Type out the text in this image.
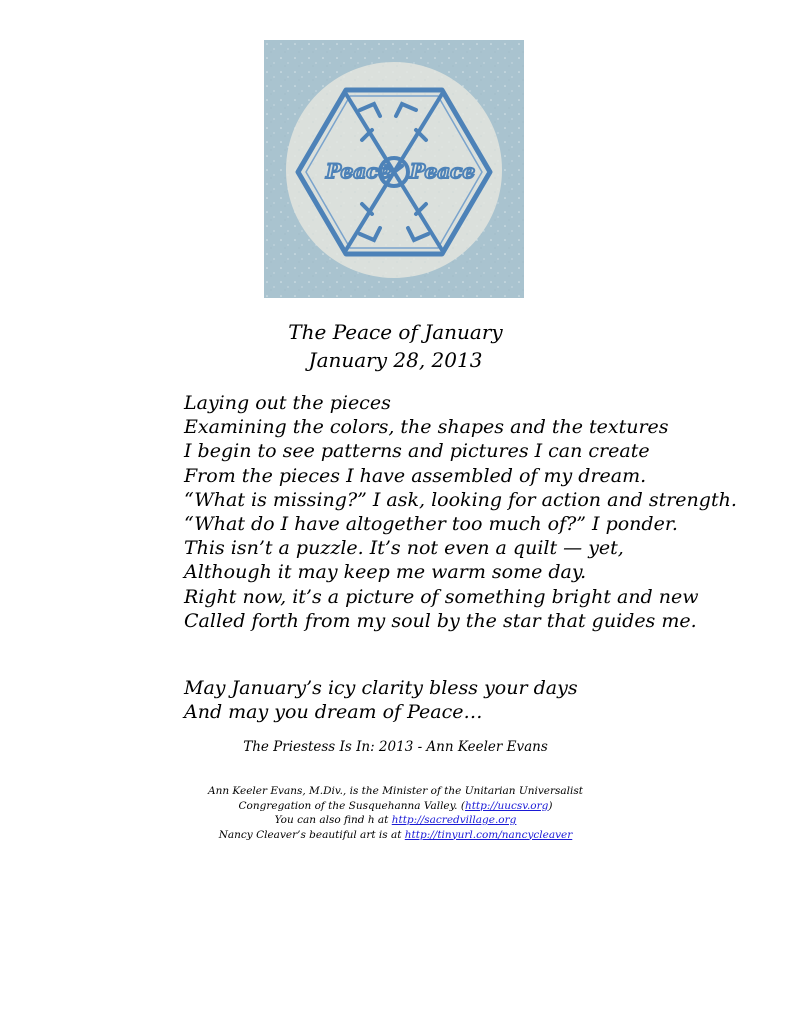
Peace Peace
The Peace of January
January 28, 2013
Laying out the pieces
Examining the colors, the shapes and the textures
I begin to see patterns and pictures I can create
From the pieces I have assembled of my dream.
“What is missing?” I ask, looking for action and strength.
“What do I have altogether too much of?” I ponder.
This isn’t a puzzle. It’s not even a quilt — yet,
Although it may keep me warm some day.
Right now, it’s a picture of something bright and new
Called forth from my soul by the star that guides me.
May January’s icy clarity bless your days
And may you dream of Peace…
The Priestess Is In: 2013 - Ann Keeler Evans
Ann Keeler Evans, M.Div., is the Minister of the Unitarian Universalist
Congregation of the Susquehanna Valley. (http://uucsv.org)
You can also find h at http://sacredvillage.org
Nancy Cleaver’s beautiful art is at http://tinyurl.com/nancycleaver
